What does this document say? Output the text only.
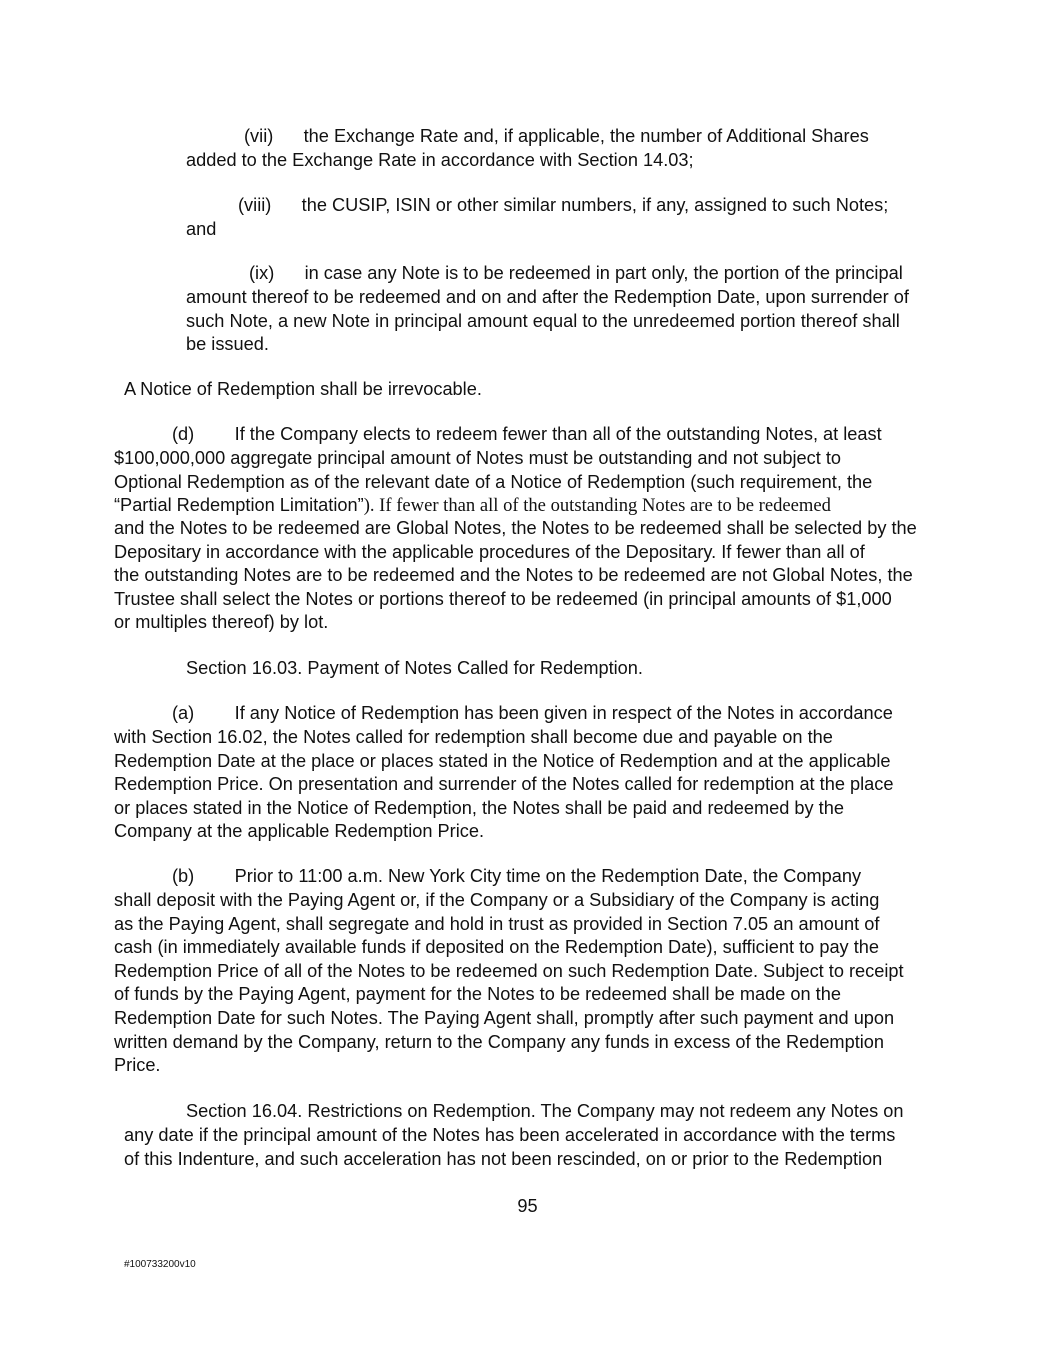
(vii)      the Exchange Rate and, if applicable, the number of Additional Shares
added to the Exchange Rate in accordance with Section 14.03;
(viii)      the CUSIP, ISIN or other similar numbers, if any, assigned to such Notes;
and
(ix)      in case any Note is to be redeemed in part only, the portion of the principal
amount thereof to be redeemed and on and after the Redemption Date, upon surrender of
such Note, a new Note in principal amount equal to the unredeemed portion thereof shall
be issued.
A Notice of Redemption shall be irrevocable.
(d)        If the Company elects to redeem fewer than all of the outstanding Notes, at least
$100,000,000 aggregate principal amount of Notes must be outstanding and not subject to
Optional Redemption as of the relevant date of a Notice of Redemption (such requirement, the
“Partial Redemption Limitation”). If fewer than all of the outstanding Notes are to be redeemed
and the Notes to be redeemed are Global Notes, the Notes to be redeemed shall be selected by the
Depositary in accordance with the applicable procedures of the Depositary. If fewer than all of
the outstanding Notes are to be redeemed and the Notes to be redeemed are not Global Notes, the
Trustee shall select the Notes or portions thereof to be redeemed (in principal amounts of $1,000
or multiples thereof) by lot.
Section 16.03. Payment of Notes Called for Redemption.
(a)        If any Notice of Redemption has been given in respect of the Notes in accordance
with Section 16.02, the Notes called for redemption shall become due and payable on the
Redemption Date at the place or places stated in the Notice of Redemption and at the applicable
Redemption Price. On presentation and surrender of the Notes called for redemption at the place
or places stated in the Notice of Redemption, the Notes shall be paid and redeemed by the
Company at the applicable Redemption Price.
(b)        Prior to 11:00 a.m. New York City time on the Redemption Date, the Company
shall deposit with the Paying Agent or, if the Company or a Subsidiary of the Company is acting
as the Paying Agent, shall segregate and hold in trust as provided in Section 7.05 an amount of
cash (in immediately available funds if deposited on the Redemption Date), sufficient to pay the
Redemption Price of all of the Notes to be redeemed on such Redemption Date. Subject to receipt
of funds by the Paying Agent, payment for the Notes to be redeemed shall be made on the
Redemption Date for such Notes. The Paying Agent shall, promptly after such payment and upon
written demand by the Company, return to the Company any funds in excess of the Redemption
Price.
Section 16.04. Restrictions on Redemption. The Company may not redeem any Notes on
any date if the principal amount of the Notes has been accelerated in accordance with the terms
of this Indenture, and such acceleration has not been rescinded, on or prior to the Redemption
95
#100733200v10
